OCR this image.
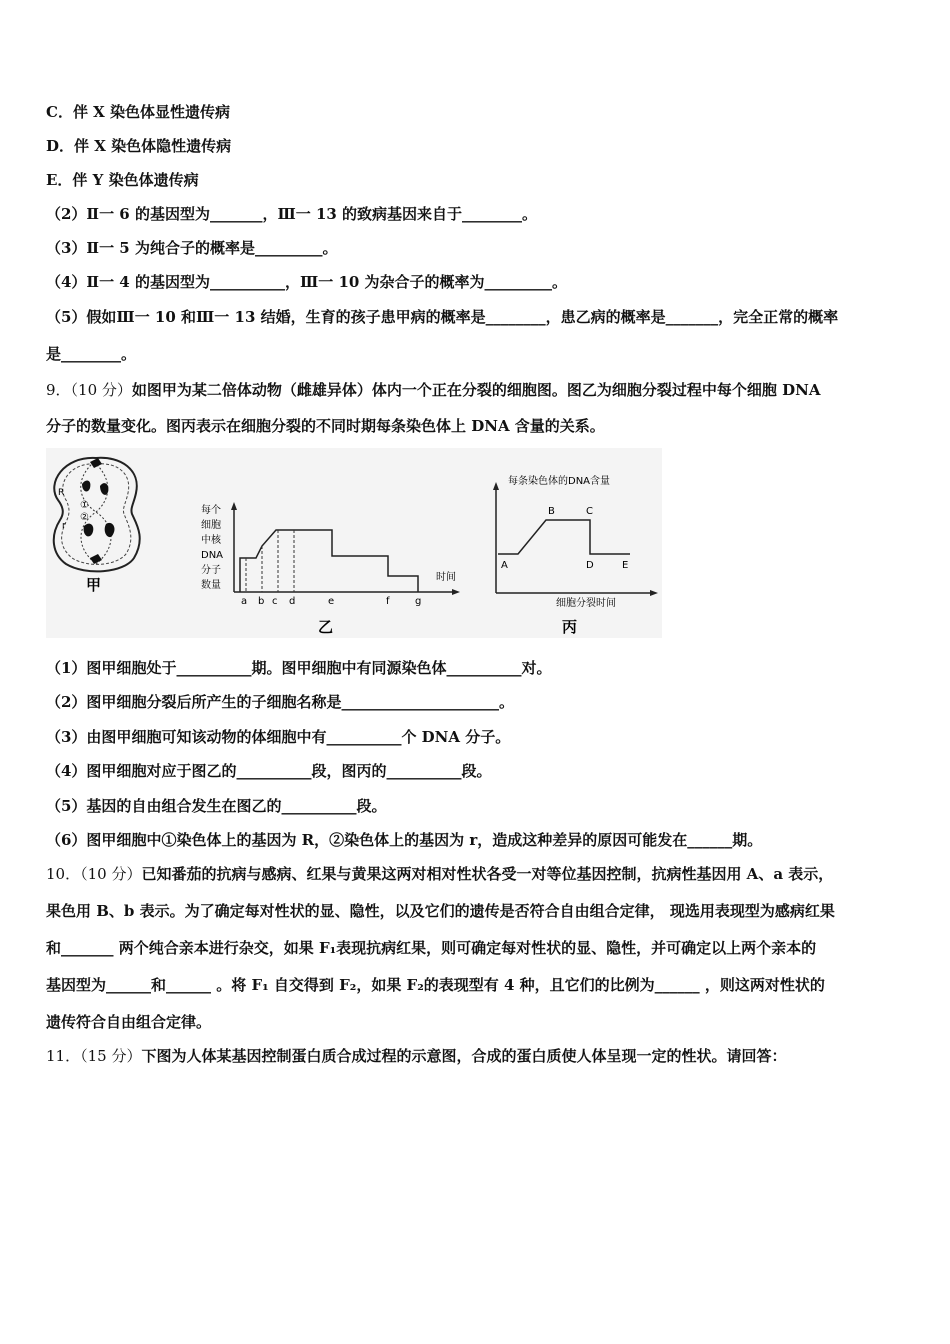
C．伴 X 染色体显性遗传病
D．伴 X 染色体隐性遗传病
E．伴 Y 染色体遗传病
（2）Ⅱ一 6 的基因型为_______，Ⅲ一 13 的致病基因来自于________。
（3）Ⅱ一 5 为纯合子的概率是_________。
（4）Ⅱ一 4 的基因型为__________，Ⅲ一 10 为杂合子的概率为_________。
（5）假如Ⅲ一 10 和Ⅲ一 13 结婚，生育的孩子患甲病的概率是________，患乙病的概率是_______，完全正常的概率
是________。
9．（10 分）如图甲为某二倍体动物（雌雄异体）体内一个正在分裂的细胞图。图乙为细胞分裂过程中每个细胞 DNA
分子的数量变化。图丙表示在细胞分裂的不同时期每条染色体上 DNA 含量的关系。
R
①
②
r
甲
每个
细胞
中核
DNA
分子
数量
时间
a b c d	e	f	g
乙
每条染色体的DNA含量
A
B	C
D	E
细胞分裂时间
丙
（1）图甲细胞处于__________期。图甲细胞中有同源染色体__________对。
（2）图甲细胞分裂后所产生的子细胞名称是_____________________。
（3）由图甲细胞可知该动物的体细胞中有__________个 DNA 分子。
（4）图甲细胞对应于图乙的__________段，图丙的__________段。
（5）基因的自由组合发生在图乙的__________段。
（6）图甲细胞中①染色体上的基因为 R，②染色体上的基因为 r，造成这种差异的原因可能发在______期。
10．（10 分）已知番茄的抗病与感病、红果与黄果这两对相对性状各受一对等位基因控制，抗病性基因用 A、a 表示，
果色用 B、b 表示。为了确定每对性状的显、隐性，以及它们的遗传是否符合自由组合定律， 现选用表现型为感病红果
和_______ 两个纯合亲本进行杂交，如果 F₁表现抗病红果，则可确定每对性状的显、隐性，并可确定以上两个亲本的
基因型为______和______ 。将 F₁ 自交得到 F₂，如果 F₂的表现型有 4 种，且它们的比例为______ ，则这两对性状的
遗传符合自由组合定律。
11．（15 分）下图为人体某基因控制蛋白质合成过程的示意图，合成的蛋白质使人体呈现一定的性状。请回答：
